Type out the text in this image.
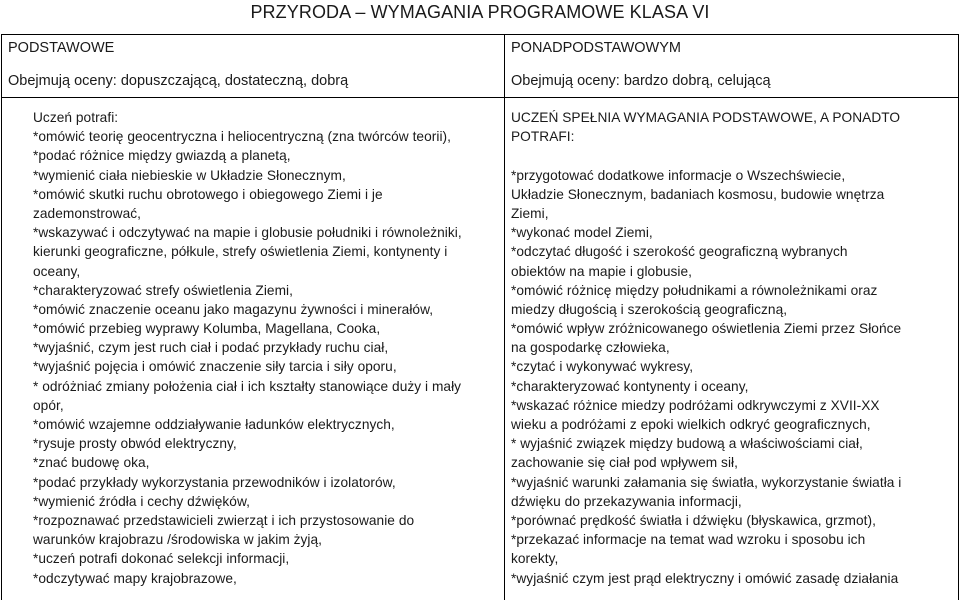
PRZYRODA – WYMAGANIA PROGRAMOWE KLASA VI
PODSTAWOWE
Obejmują oceny: dopuszczającą, dostateczną, dobrą
Uczeń potrafi:
*omówić teorię geocentryczna i heliocentryczną (zna twórców teorii),
*podać różnice między gwiazdą a planetą,
*wymienić ciała niebieskie w Układzie Słonecznym,
*omówić skutki ruchu obrotowego i obiegowego Ziemi i je
zademonstrować,
*wskazywać i odczytywać na mapie i globusie południki i równoleżniki,
kierunki geograficzne, półkule, strefy oświetlenia Ziemi, kontynenty i
oceany,
*charakteryzować strefy oświetlenia Ziemi,
*omówić znaczenie oceanu jako magazynu żywności i minerałów,
*omówić przebieg wyprawy Kolumba, Magellana, Cooka,
*wyjaśnić, czym jest ruch ciał i podać przykłady ruchu ciał,
*wyjaśnić pojęcia i omówić znaczenie siły tarcia i siły oporu,
* odróżniać zmiany położenia ciał i ich kształty stanowiące duży i mały
opór,
*omówić wzajemne oddziaływanie ładunków elektrycznych,
*rysuje prosty obwód elektryczny,
*znać budowę oka,
*podać przykłady wykorzystania przewodników i izolatorów,
*wymienić źródła i cechy dźwięków,
*rozpoznawać przedstawicieli zwierząt i ich przystosowanie do
warunków krajobrazu /środowiska w jakim żyją,
*uczeń potrafi dokonać selekcji informacji,
*odczytywać mapy krajobrazowe,
PONADPODSTAWOWYM
Obejmują oceny: bardzo dobrą, celującą
UCZEŃ SPEŁNIA WYMAGANIA PODSTAWOWE, A PONADTO
POTRAFI:
*przygotować dodatkowe informacje o Wszechświecie,
Układzie Słonecznym, badaniach kosmosu, budowie wnętrza
Ziemi,
*wykonać model Ziemi,
*odczytać długość i szerokość geograficzną wybranych
obiektów na mapie i globusie,
*omówić różnicę między południkami a równoleżnikami oraz
miedzy długością i szerokością geograficzną,
*omówić wpływ zróżnicowanego oświetlenia Ziemi przez Słońce
na gospodarkę człowieka,
*czytać i wykonywać wykresy,
*charakteryzować kontynenty i oceany,
*wskazać różnice miedzy podróżami odkrywczymi z XVII-XX
wieku a podróżami z epoki wielkich odkryć geograficznych,
* wyjaśnić związek między budową a właściwościami ciał,
zachowanie się ciał pod wpływem sił,
*wyjaśnić warunki załamania się światła, wykorzystanie światła i
dźwięku do przekazywania informacji,
*porównać prędkość światła i dźwięku (błyskawica, grzmot),
*przekazać informacje na temat wad wzroku i sposobu ich
korekty,
*wyjaśnić czym jest prąd elektryczny i omówić zasadę działania
